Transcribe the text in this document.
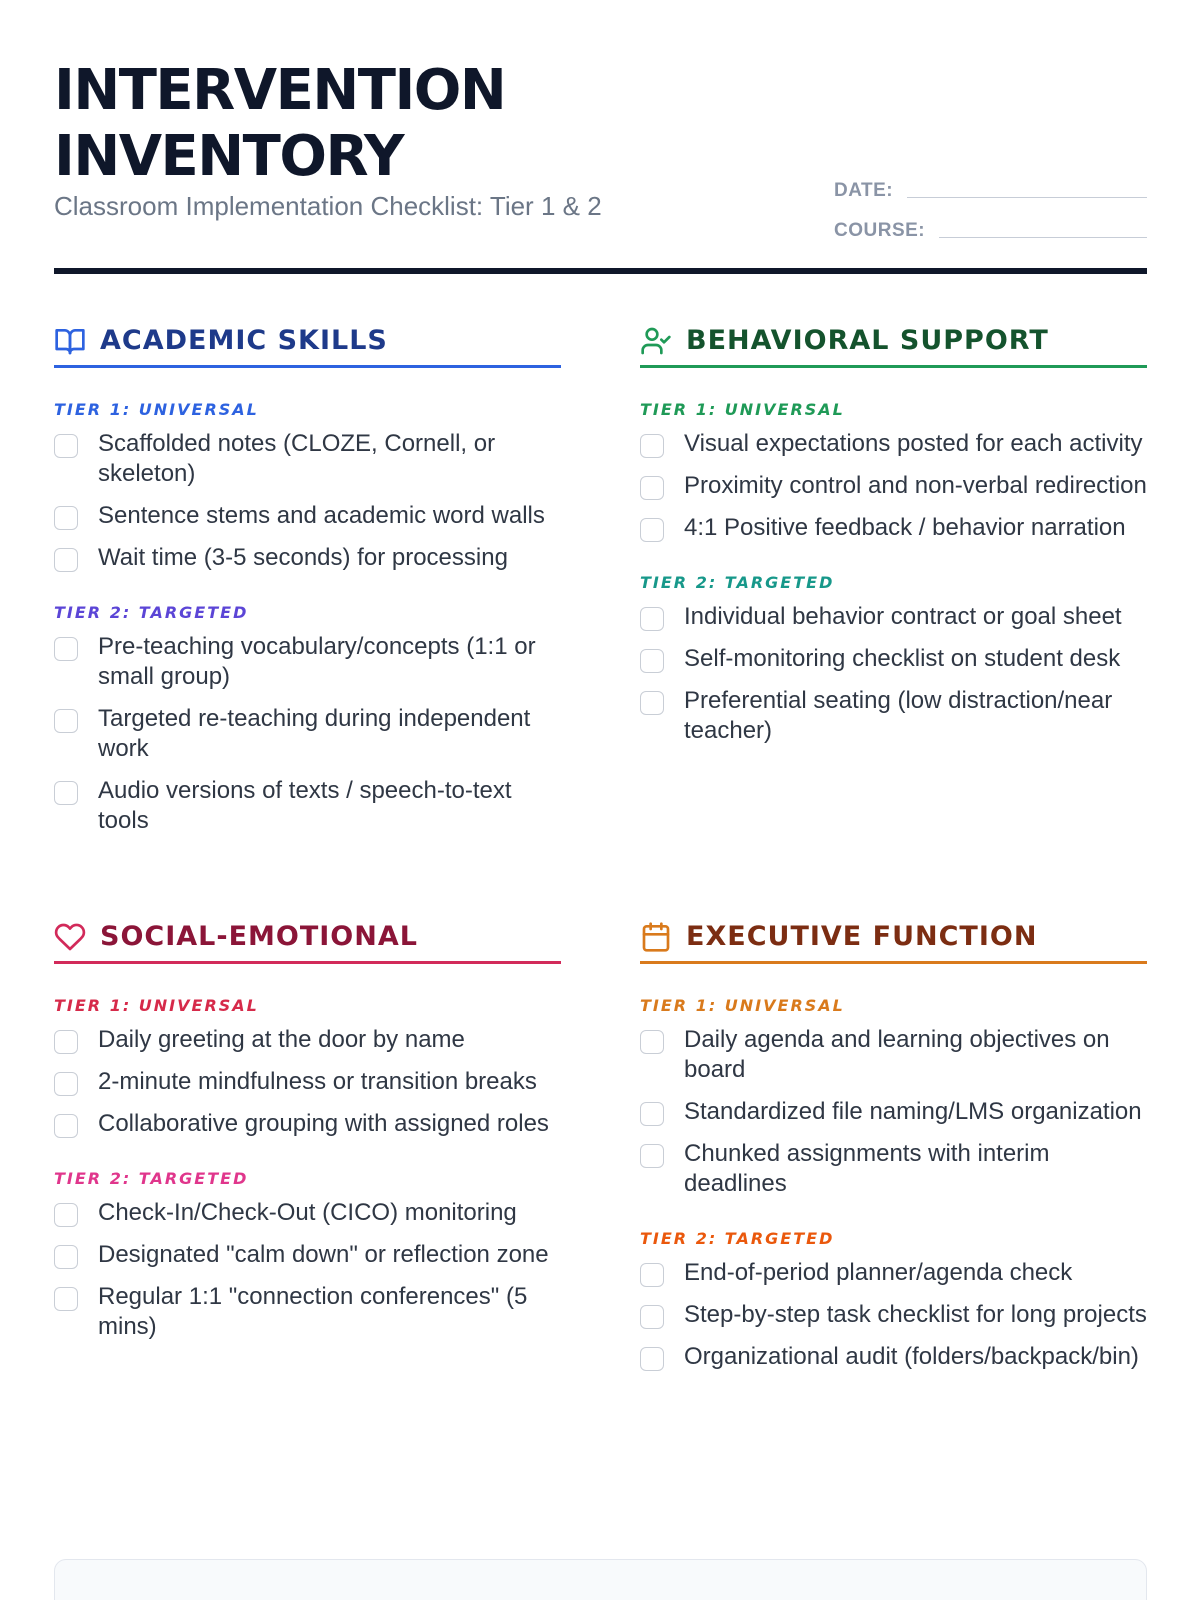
INTERVENTION
INVENTORY
Classroom Implementation Checklist: Tier 1 & 2
DATE:
COURSE:
ACADEMIC SKILLS
TIER 1: UNIVERSAL
Scaffolded notes (CLOZE, Cornell, or skeleton)
Sentence stems and academic word walls
Wait time (3-5 seconds) for processing
TIER 2: TARGETED
Pre-teaching vocabulary/concepts (1:1 or small group)
Targeted re-teaching during independent work
Audio versions of texts / speech-to-text tools
BEHAVIORAL SUPPORT
TIER 1: UNIVERSAL
Visual expectations posted for each activity
Proximity control and non-verbal redirection
4:1 Positive feedback / behavior narration
TIER 2: TARGETED
Individual behavior contract or goal sheet
Self-monitoring checklist on student desk
Preferential seating (low distraction/near teacher)
SOCIAL-EMOTIONAL
TIER 1: UNIVERSAL
Daily greeting at the door by name
2-minute mindfulness or transition breaks
Collaborative grouping with assigned roles
TIER 2: TARGETED
Check-In/Check-Out (CICO) monitoring
Designated "calm down" or reflection zone
Regular 1:1 "connection conferences" (5 mins)
EXECUTIVE FUNCTION
TIER 1: UNIVERSAL
Daily agenda and learning objectives on board
Standardized file naming/LMS organization
Chunked assignments with interim deadlines
TIER 2: TARGETED
End-of-period planner/agenda check
Step-by-step task checklist for long projects
Organizational audit (folders/backpack/bin)
